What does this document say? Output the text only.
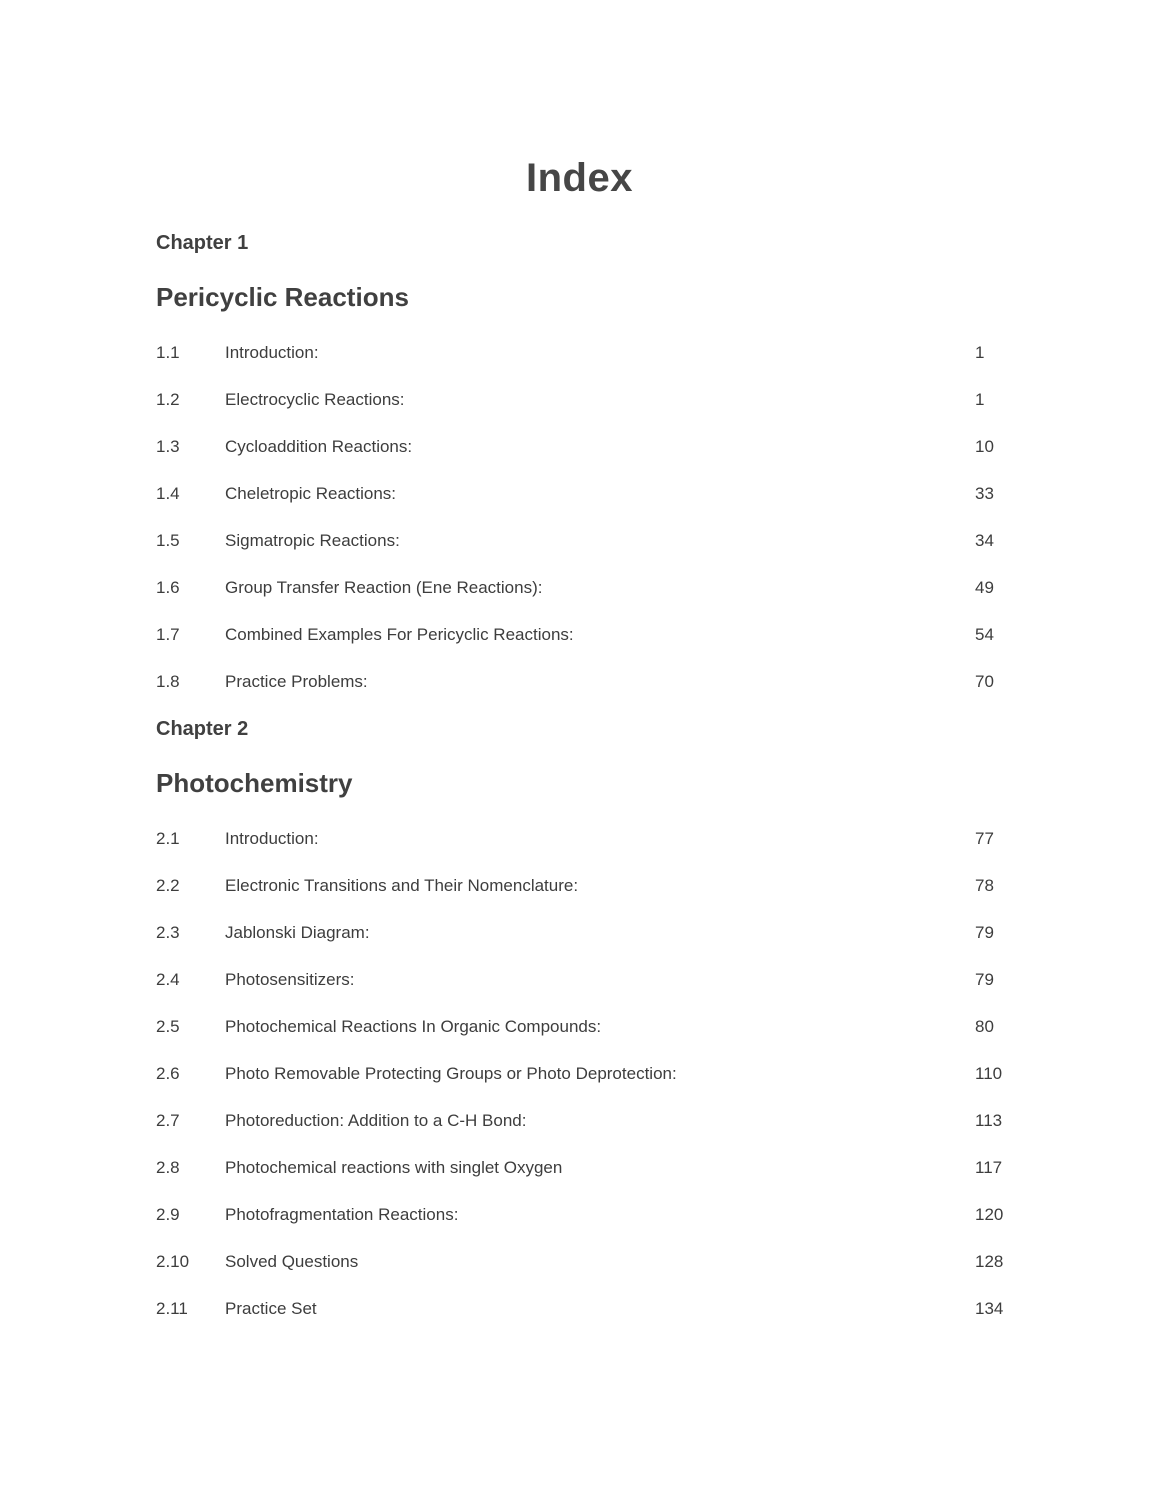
Index
Chapter 1
Pericyclic Reactions
1.1	Introduction:	1
1.2	Electrocyclic Reactions:	1
1.3	Cycloaddition Reactions:	10
1.4	Cheletropic Reactions:	33
1.5	Sigmatropic Reactions:	34
1.6	Group Transfer Reaction (Ene Reactions):	49
1.7	Combined Examples For Pericyclic Reactions:	54
1.8	Practice Problems:	70
Chapter 2
Photochemistry
2.1	Introduction:	77
2.2	Electronic Transitions and Their Nomenclature:	78
2.3	Jablonski Diagram:	79
2.4	Photosensitizers:	79
2.5	Photochemical Reactions In Organic Compounds:	80
2.6	Photo Removable Protecting Groups or Photo Deprotection:	110
2.7	Photoreduction: Addition to a C-H Bond:	113
2.8	Photochemical reactions with singlet Oxygen	117
2.9	Photofragmentation Reactions:	120
2.10	Solved Questions	128
2.11	Practice Set	134
